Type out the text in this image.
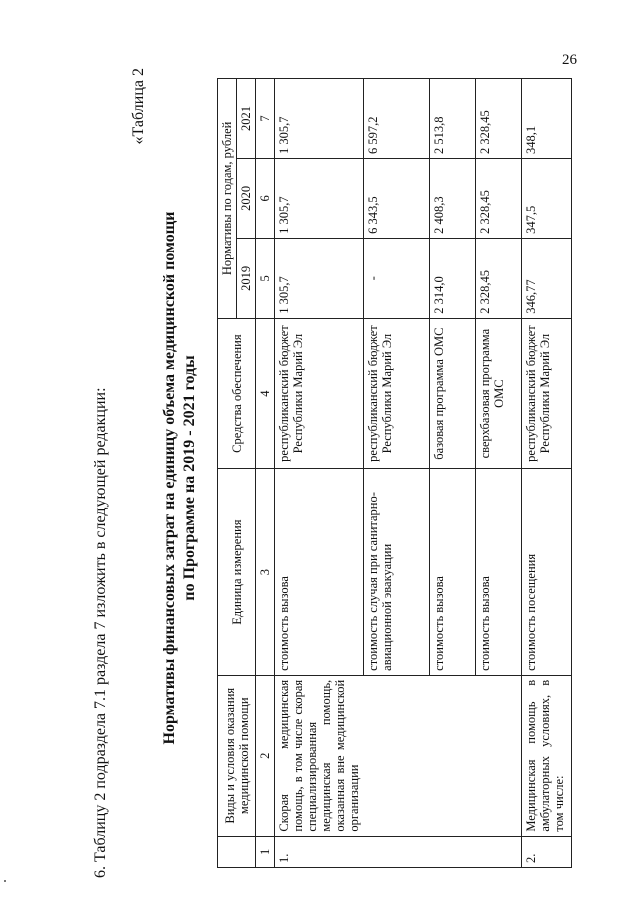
26
6. Таблицу 2 подраздела 7.1 раздела 7 изложить в следующей редакции:
«Таблица 2
Нормативы финансовых затрат на единицу объема медицинской помощи по Программе на 2019 - 2021 годы
	Виды и условия оказания медицинской помощи	Единица измерения	Средства обеспечения	Нормативы по годам, рублей		
				2019	2020	2021
1	2	3	4	5	6	7
1.	Скорая медицинская помощь, в том числе скорая специализированная медицинская помощь, оказанная вне медицинской организации	стоимость вызова	республиканский бюджет Республики Марий Эл	1 305,7	1 305,7	1 305,7
		стоимость случая при санитарно-авиационной эвакуации	республиканский бюджет Республики Марий Эл	-	6 343,5	6 597,2
		стоимость вызова	базовая программа ОМС	2 314,0	2 408,3	2 513,8
		стоимость вызова	сверхбазовая программа ОМС	2 328,45	2 328,45	2 328,45
2.	Медицинская помощь в амбулаторных условиях, в том числе:	стоимость посещения	республиканский бюджет Республики Марий Эл	346,77	347,5	348,1
